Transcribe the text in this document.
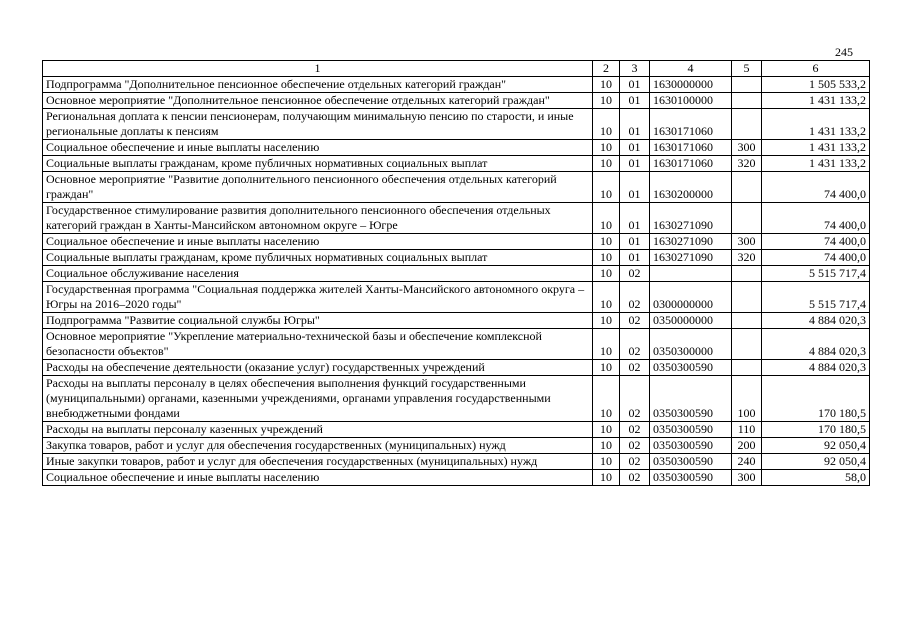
245
1	2	3	4	5	6
Подпрограмма "Дополнительное пенсионное обеспечение отдельных категорий граждан"	10	01	1630000000		1 505 533,2
Основное мероприятие "Дополнительное пенсионное обеспечение отдельных категорий граждан"	10	01	1630100000		1 431 133,2
Региональная доплата к пенсии пенсионерам, получающим минимальную пенсию по старости, и иные региональные доплаты к пенсиям	10	01	1630171060		1 431 133,2
Социальное обеспечение и иные выплаты населению	10	01	1630171060	300	1 431 133,2
Социальные выплаты гражданам, кроме публичных нормативных социальных выплат	10	01	1630171060	320	1 431 133,2
Основное мероприятие "Развитие дополнительного пенсионного обеспечения отдельных категорий граждан"	10	01	1630200000		74 400,0
Государственное стимулирование развития дополнительного пенсионного обеспечения отдельных категорий граждан в Ханты-Мансийском автономном округе – Югре	10	01	1630271090		74 400,0
Социальное обеспечение и иные выплаты населению	10	01	1630271090	300	74 400,0
Социальные выплаты гражданам, кроме публичных нормативных социальных выплат	10	01	1630271090	320	74 400,0
Социальное обслуживание населения	10	02			5 515 717,4
Государственная программа "Социальная поддержка жителей Ханты-Мансийского автономного округа – Югры на 2016–2020 годы"	10	02	0300000000		5 515 717,4
Подпрограмма "Развитие социальной службы Югры"	10	02	0350000000		4 884 020,3
Основное мероприятие "Укрепление материально-технической базы и обеспечение комплексной безопасности объектов"	10	02	0350300000		4 884 020,3
Расходы на обеспечение деятельности (оказание услуг) государственных учреждений	10	02	0350300590		4 884 020,3
Расходы на выплаты персоналу в целях обеспечения выполнения функций государственными (муниципальными) органами, казенными учреждениями, органами управления государственными внебюджетными фондами	10	02	0350300590	100	170 180,5
Расходы на выплаты персоналу казенных учреждений	10	02	0350300590	110	170 180,5
Закупка товаров, работ и услуг для обеспечения государственных (муниципальных) нужд	10	02	0350300590	200	92 050,4
Иные закупки товаров, работ и услуг для обеспечения государственных (муниципальных) нужд	10	02	0350300590	240	92 050,4
Социальное обеспечение и иные выплаты населению	10	02	0350300590	300	58,0
